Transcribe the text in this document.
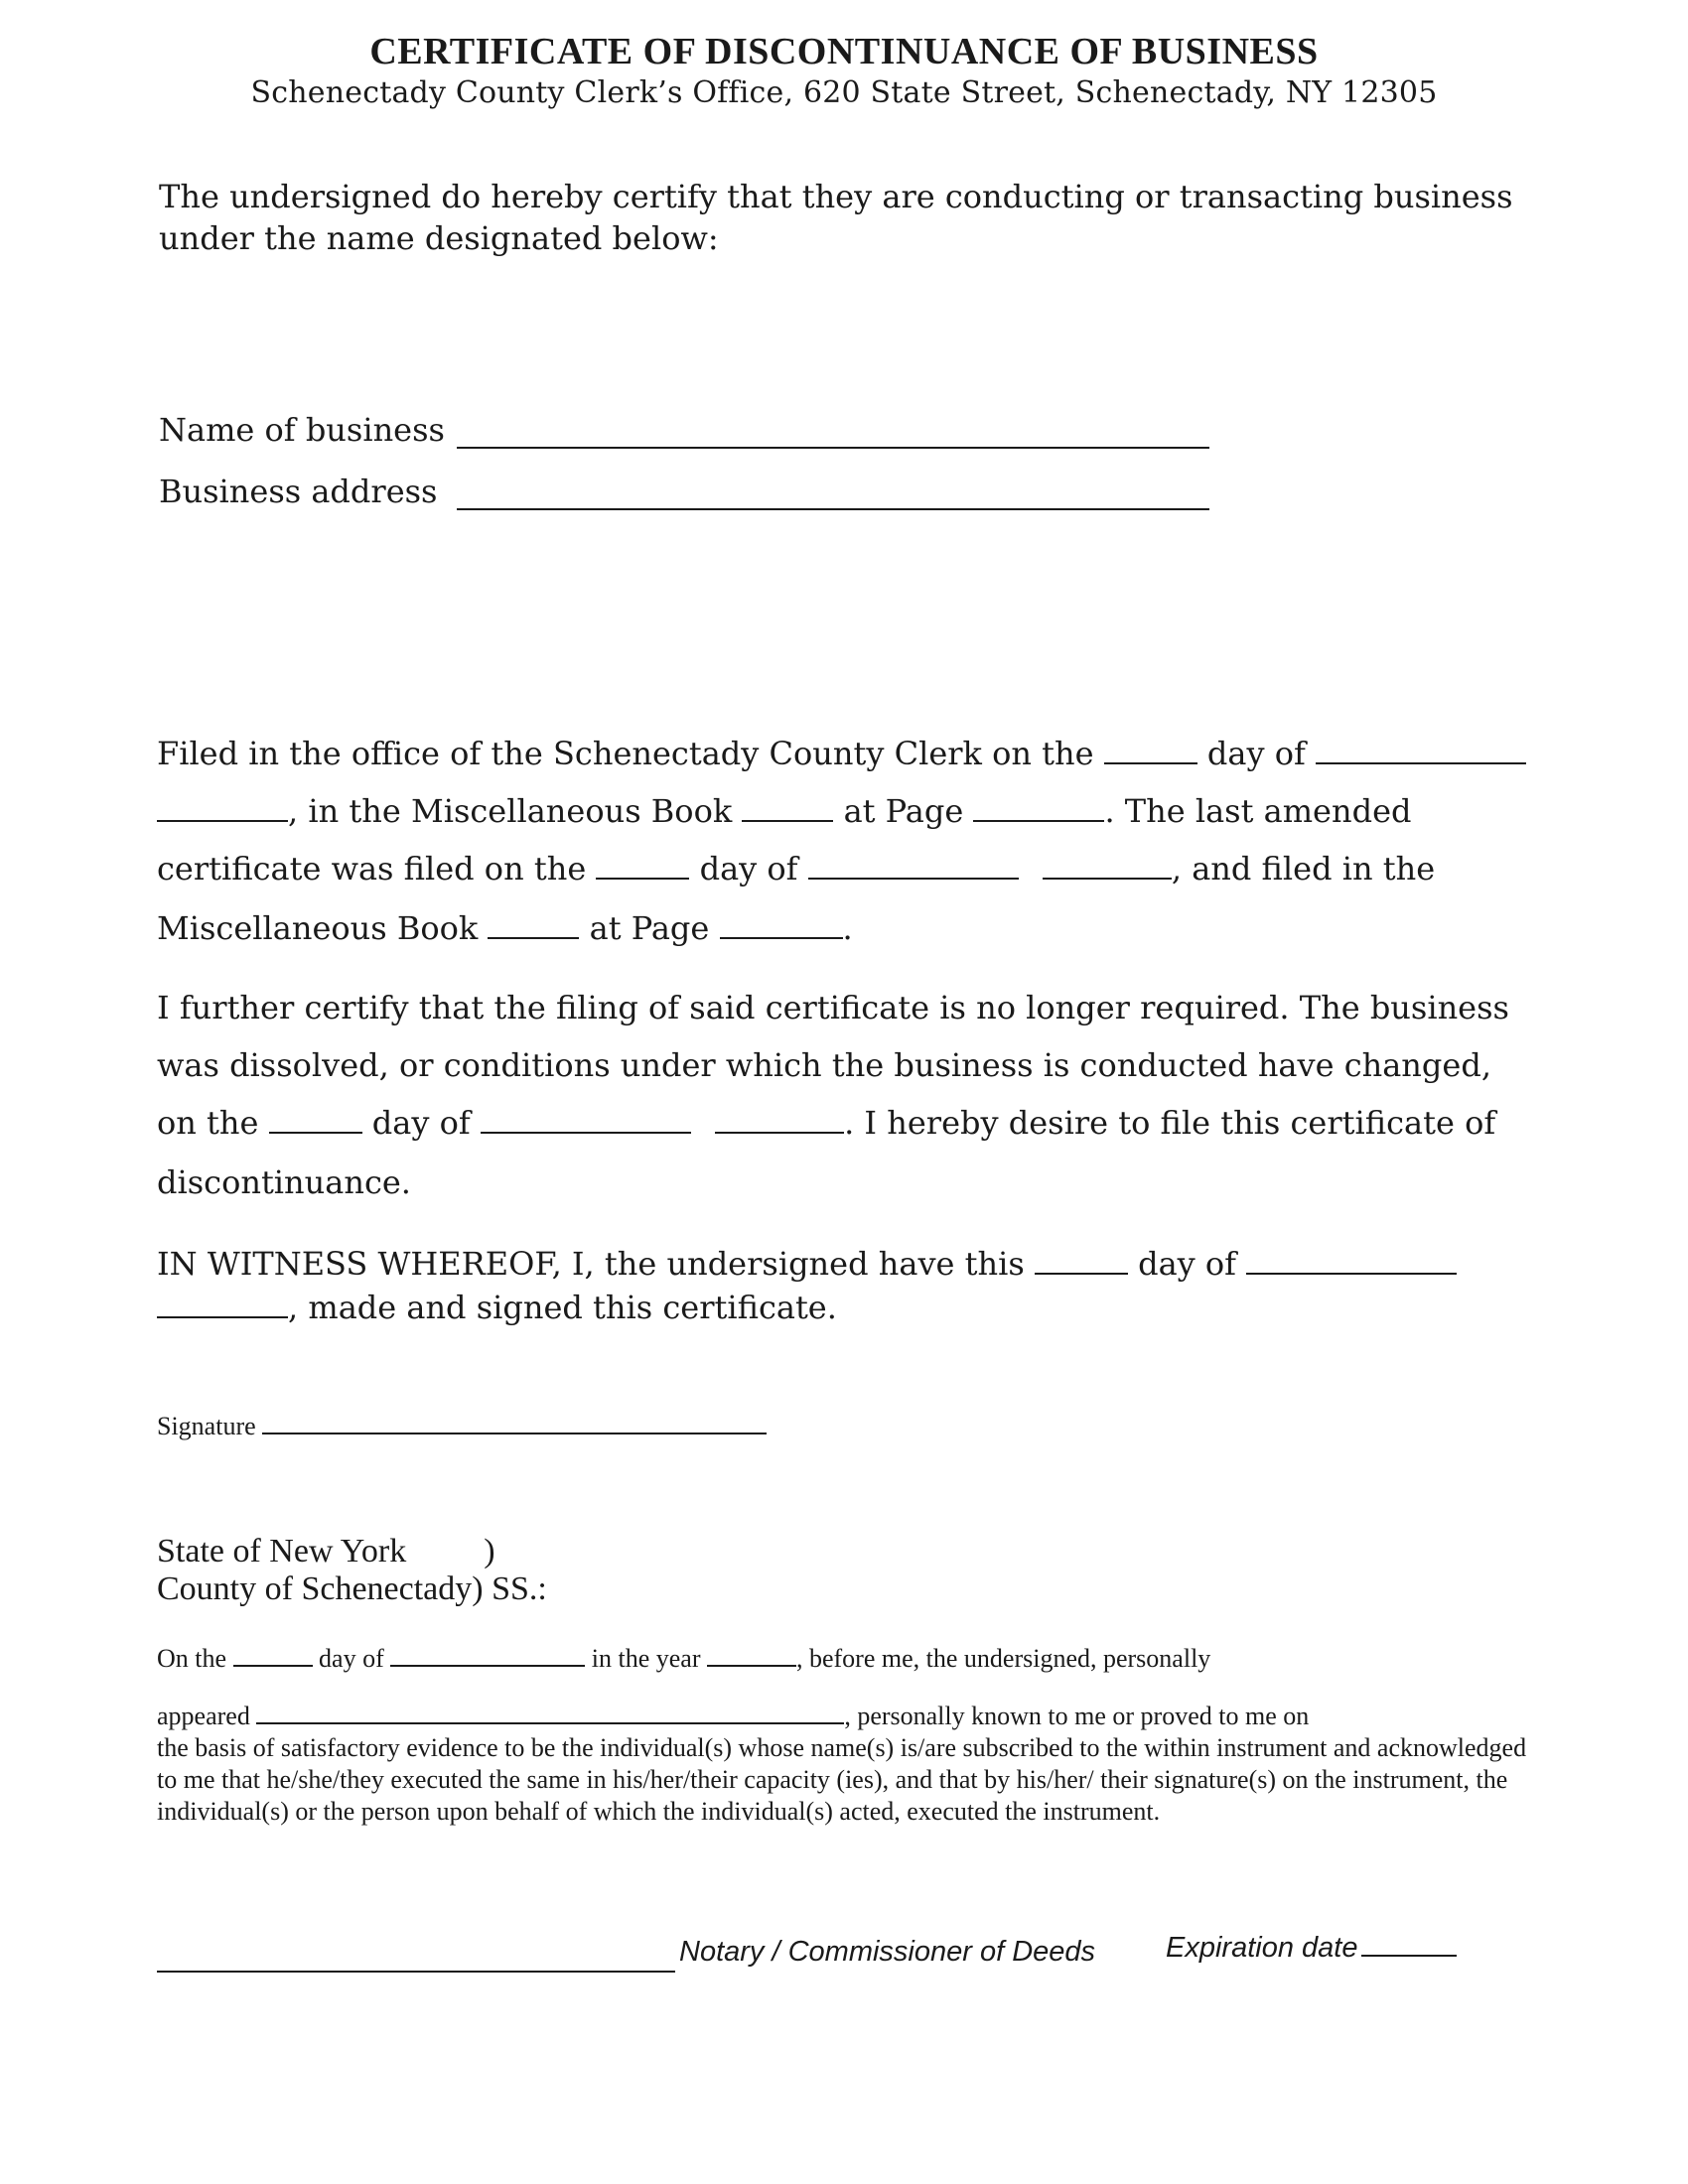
CERTIFICATE OF DISCONTINUANCE OF BUSINESS
Schenectady County Clerk’s Office, 620 State Street, Schenectady, NY 12305
The undersigned do hereby certify that they are conducting or transacting business
under the name designated below:
Name of business
Business address
Filed in the office of the Schenectady County Clerk on the	day of
, in the Miscellaneous Book	at Page	. The last amended
certificate was filed on the	day of	, and filed in the
Miscellaneous Book	at Page	.
I further certify that the filing of said certificate is no longer required. The business
was dissolved, or conditions under which the business is conducted have changed,
on the	day of	. I hereby desire to file this certificate of
discontinuance.
IN WITNESS WHEREOF, I, the undersigned have this	day of
, made and signed this certificate.
Signature
State of New York )
County of Schenectady) SS.:
On the	day of	in the year	, before me, the undersigned, personally
appeared	, personally known to me or proved to me on
the basis of satisfactory evidence to be the individual(s) whose name(s) is/are subscribed to the within instrument and acknowledged to me that he/she/they executed the same in his/her/their capacity (ies), and that by his/her/ their signature(s) on the instrument, the individual(s) or the person upon behalf of which the individual(s) acted, executed the instrument.
Notary / Commissioner of Deeds Expiration date
